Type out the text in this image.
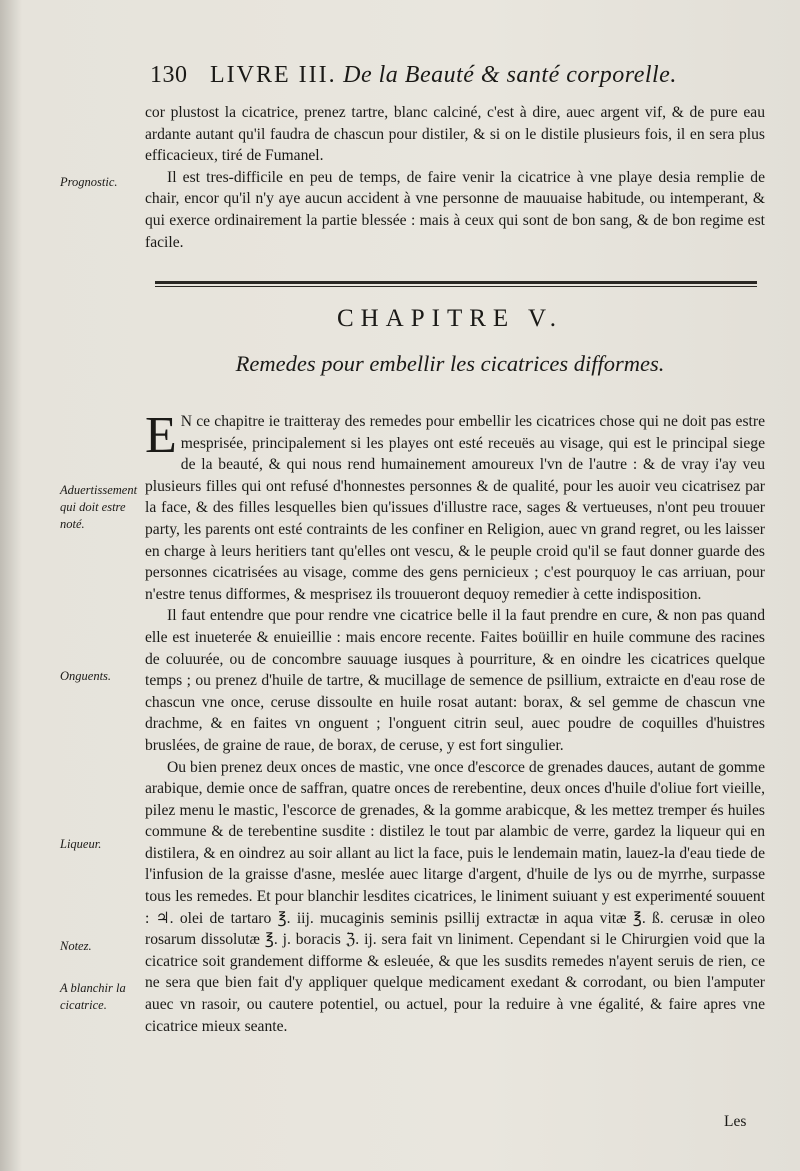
130 LIVRE III. De la Beauté & santé corporelle.
Prognostic.

cor plustost la cicatrice, prenez tartre, blanc calciné, c'est à dire, auec argent vif, & de pure eau ardante autant qu'il faudra de chascun pour distiler, & si on le distile plusieurs fois, il en sera plus efficacieux, tiré de Fumanel.

Il est tres-difficile en peu de temps, de faire venir la cicatrice à vne playe desia remplie de chair, encor qu'il n'y aye aucun accident à vne personne de mauuaise habitude, ou intemperant, & qui exerce ordinairement la partie blessée : mais à ceux qui sont de bon sang, & de bon regime est facile.

CHAPITRE V.
Remedes pour embellir les cicatrices difformes.
Aduertissement qui doit estre noté.
Onguents.
Liqueur.
Notez.
A blanchir la cicatrice.

E N ce chapitre ie traitteray des remedes pour embellir les cicatrices chose qui ne doit pas estre mesprisée, principalement si les playes ont esté receuës au visage, qui est le principal siege de la beauté, & qui nous rend humainement amoureux l'vn de l'autre : & de vray i'ay veu plusieurs filles qui ont refusé d'honnestes personnes & de qualité, pour les auoir veu cicatrisez par la face, & des filles lesquelles bien qu'issues d'illustre race, sages & vertueuses, n'ont peu trouuer party, les parents ont esté contraints de les confiner en Religion, auec vn grand regret, ou les laisser en charge à leurs heritiers tant qu'elles ont vescu, & le peuple croid qu'il se faut donner guarde des personnes cicatrisées au visage, comme des gens pernicieux ; c'est pourquoy le cas arriuan, pour n'estre tenus difformes, & mesprisez ils trouueront dequoy remedier à cette indisposition.

Il faut entendre que pour rendre vne cicatrice belle il la faut prendre en cure, & non pas quand elle est inueterée & enuieillie : mais encore recente. Faites boüillir en huile commune des racines de coluurée, ou de concombre sauuage iusques à pourriture, & en oindre les cicatrices quelque temps ; ou prenez d'huile de tartre, & mucillage de semence de psillium, extraicte en d'eau rose de chascun vne once, ceruse dissoulte en huile rosat autant: borax, & sel gemme de chascun vne drachme, & en faites vn onguent ; l'onguent citrin seul, auec poudre de coquilles d'huistres bruslées, de graine de raue, de borax, de ceruse, y est fort singulier.

Ou bien prenez deux onces de mastic, vne once d'escorce de grenades dauces, autant de gomme arabique, demie once de saffran, quatre onces de rerebentine, deux onces d'huile d'oliue fort vieille, pilez menu le mastic, l'escorce de grenades, & la gomme arabicque, & les mettez tremper és huiles commune & de terebentine susdite : distilez le tout par alambic de verre, gardez la liqueur qui en distilera, & en oindrez au soir allant au lict la face, puis le lendemain matin, lauez-la d'eau tiede de l'infusion de la graisse d'asne, meslée auec litarge d'argent, d'huile de lys ou de myrrhe, surpasse tous les remedes. Et pour blanchir lesdites cicatrices, le liniment suiuant y est experimenté souuent : ♃. olei de tartaro ℥. iij. mucaginis seminis psillij extractæ in aqua vitæ ℥. ß. cerusæ in oleo rosarum dissolutæ ℥. j. boracis ℨ. ij. sera fait vn liniment. Cependant si le Chirurgien void que la cicatrice soit grandement difforme & esleuée, & que les susdits remedes n'ayent seruis de rien, ce ne sera que bien fait d'y appliquer quelque medicament exedant & corrodant, ou bien l'amputer auec vn rasoir, ou cautere potentiel, ou actuel, pour la reduire à vne égalité, & faire apres vne cicatrice mieux seante.

Les
